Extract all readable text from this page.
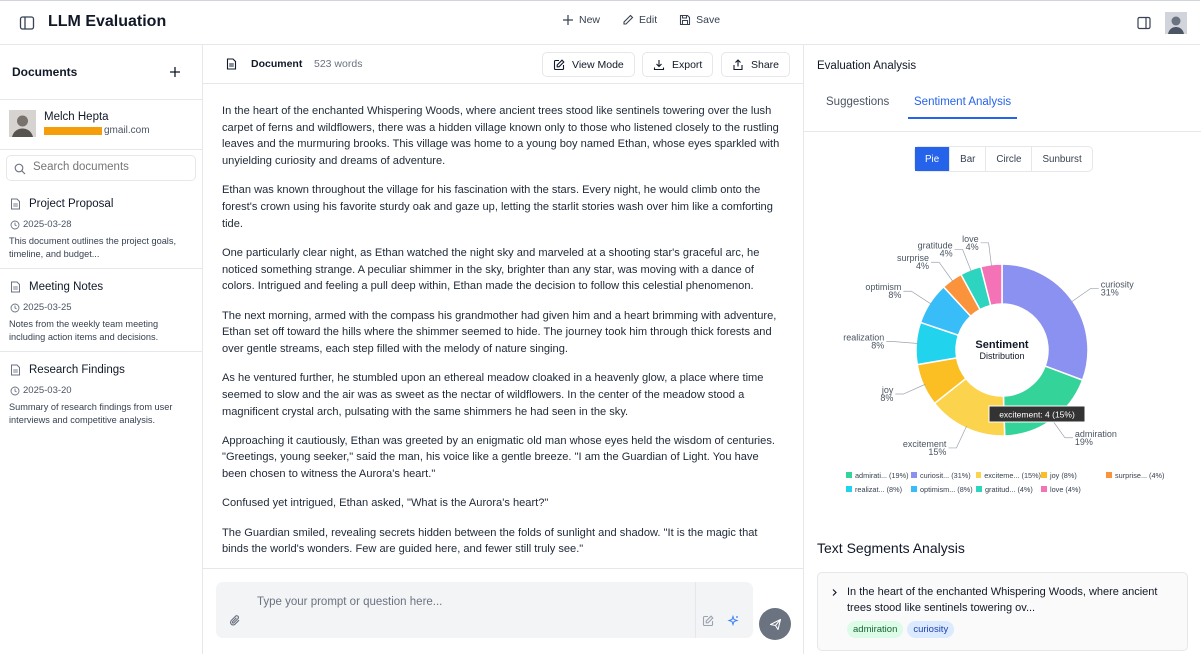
LLM Evaluation	New	Edit	Save
Documents
Melch Hepta
gmail.com
Search documents
Project Proposal
2025-03-28
This document outlines the project goals, timeline, and budget...
Meeting Notes
2025-03-25
Notes from the weekly team meeting including action items and decisions.
Research Findings
2025-03-20
Summary of research findings from user interviews and competitive analysis.
Document 523 words	View Mode	Export	Share

In the heart of the enchanted Whispering Woods, where ancient trees stood like sentinels towering over the lush carpet of ferns and wildflowers, there was a hidden village known only to those who listened closely to the rustling leaves and the murmuring brooks. This village was home to a young boy named Ethan, whose eyes sparkled with unyielding curiosity and dreams of adventure.

Ethan was known throughout the village for his fascination with the stars. Every night, he would climb onto the forest's crown using his favorite sturdy oak and gaze up, letting the starlit stories wash over him like a comforting tide.

One particularly clear night, as Ethan watched the night sky and marveled at a shooting star's graceful arc, he noticed something strange. A peculiar shimmer in the sky, brighter than any star, was moving with a dance of colors. Intrigued and feeling a pull deep within, Ethan made the decision to follow this celestial phenomenon.

The next morning, armed with the compass his grandmother had given him and a heart brimming with adventure, Ethan set off toward the hills where the shimmer seemed to hide. The journey took him through thick forests and over gentle streams, each step filled with the melody of nature singing.

As he ventured further, he stumbled upon an ethereal meadow cloaked in a heavenly glow, a place where time seemed to slow and the air was as sweet as the nectar of wildflowers. In the center of the meadow stood a magnificent crystal arch, pulsating with the same shimmers he had seen in the sky.

Approaching it cautiously, Ethan was greeted by an enigmatic old man whose eyes held the wisdom of centuries. "Greetings, young seeker," said the man, his voice like a gentle breeze. "I am the Guardian of Light. You have been chosen to witness the Aurora's heart."

Confused yet intrigued, Ethan asked, "What is the Aurora's heart?"

The Guardian smiled, revealing secrets hidden between the folds of sunlight and shadow. "It is the magic that binds the world's wonders. Few are guided here, and fewer still truly see."

Type your prompt or question here...
Evaluation Analysis
Suggestions	Sentiment Analysis
Pie	Bar	Circle	Sunburst
curiosity
31%
admiration
19%
excitement
15%
joy
8%
realization
8%
optimism
8%
surprise
4%
gratitude
4%
love
4%
Sentiment
Distribution
excitement: 4 (15%)
admirati... (19%) curiosit... (31%) exciteme... (15%) joy (8%)	surprise... (4%)
realizat... (8%) optimism... (8%) gratitud... (4%) love (4%)
Text Segments Analysis
In the heart of the enchanted Whispering Woods, where ancient trees stood like sentinels towering ov...
admiration	curiosity
